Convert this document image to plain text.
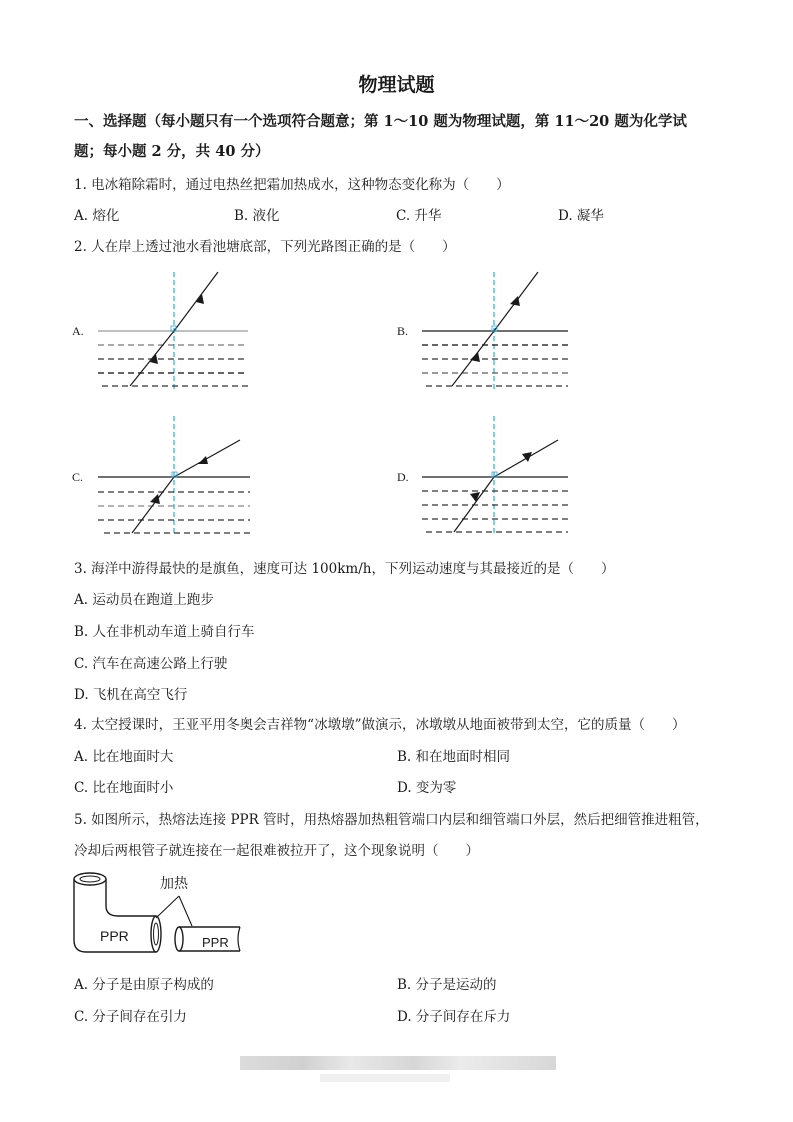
物理试题
一、选择题（每小题只有一个选项符合题意；第 1～10 题为物理试题，第 11～20 题为化学试
题；每小题 2 分，共 40 分）
1. 电冰箱除霜时，通过电热丝把霜加热成水，这种物态变化称为（　　）
A. 熔化	B. 液化	C. 升华	D. 凝华
2. 人在岸上透过池水看池塘底部，下列光路图正确的是（　　）
A.	B.
C.	D.
3. 海洋中游得最快的是旗鱼，速度可达 100km/h，下列运动速度与其最接近的是（　　）
A. 运动员在跑道上跑步
B. 人在非机动车道上骑自行车
C. 汽车在高速公路上行驶
D. 飞机在高空飞行
4. 太空授课时，王亚平用冬奥会吉祥物“冰墩墩”做演示，冰墩墩从地面被带到太空，它的质量（　　）
A. 比在地面时大	B. 和在地面时相同
C. 比在地面时小	D. 变为零
5. 如图所示，热熔法连接 PPR 管时，用热熔器加热粗管端口内层和细管端口外层，然后把细管推进粗管，
冷却后两根管子就连接在一起很难被拉开了，这个现象说明（　　）
加热
PPR	PPR
A. 分子是由原子构成的	B. 分子是运动的
C. 分子间存在引力	D. 分子间存在斥力
